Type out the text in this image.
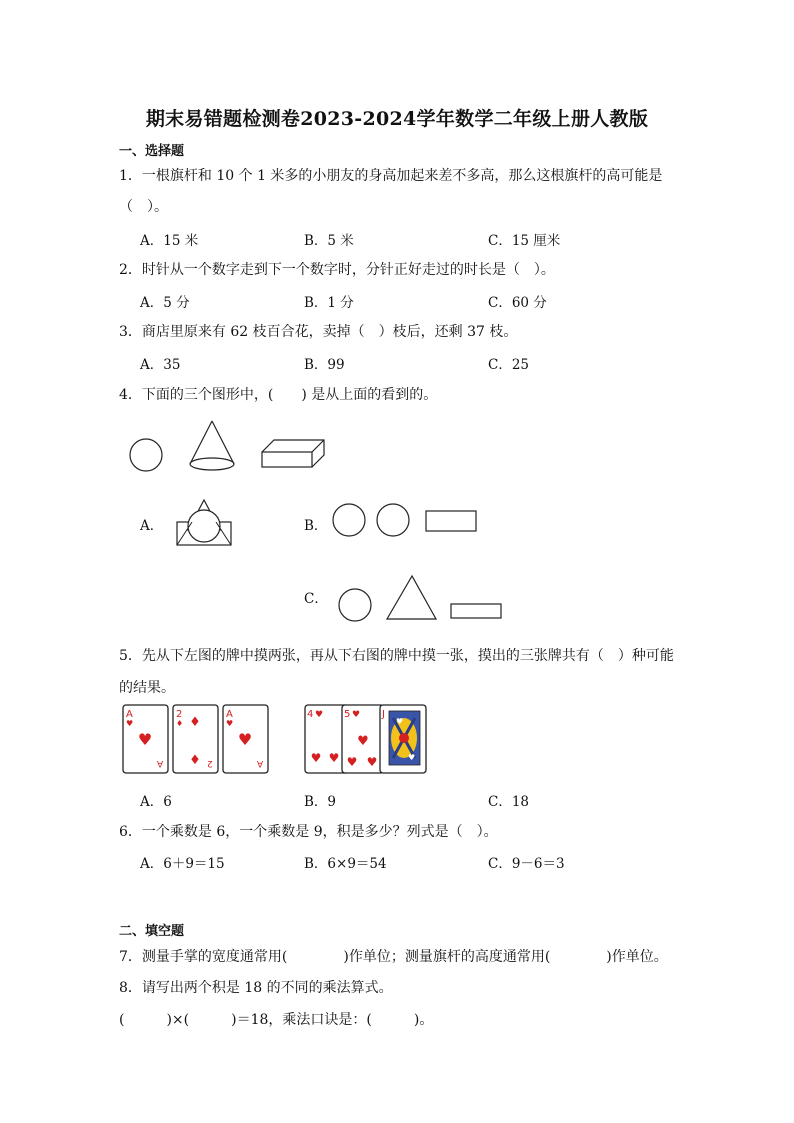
期末易错题检测卷2023-2024学年数学二年级上册人教版
一、选择题
1．一根旗杆和 10 个 1 米多的小朋友的身高加起来差不多高，那么这根旗杆的高可能是
（　）。
A．15 米	B．5 米	C．15 厘米
2．时针从一个数字走到下一个数字时，分针正好走过的时长是（　）。
A．5 分	B．1 分	C．60 分
3．商店里原来有 62 枝百合花，卖掉（　）枝后，还剩 37 枝。
A．35	B．99	C．25
4．下面的三个图形中，(　　) 是从上面的看到的。
A．	B．
C．
5．先从下左图的牌中摸两张，再从下右图的牌中摸一张，摸出的三张牌共有（　）种可能
的结果。
A
♥
♥
A
2
♦ ♦
♦ 2
A
♥
♥
A
4 ♥
♥ ♥
5 ♥
♥
♥ ♥
J
♥
♥
A．6	B．9	C．18
6．一个乘数是 6，一个乘数是 9，积是多少？列式是（　）。
A．6＋9＝15	B．6×9＝54	C．9－6＝3
二、填空题
7．测量手掌的宽度通常用(　　　　)作单位；测量旗杆的高度通常用(　　　　)作单位。
8．请写出两个积是 18 的不同的乘法算式。
(　　　)×(　　　)＝18，乘法口诀是：(　　　)。
